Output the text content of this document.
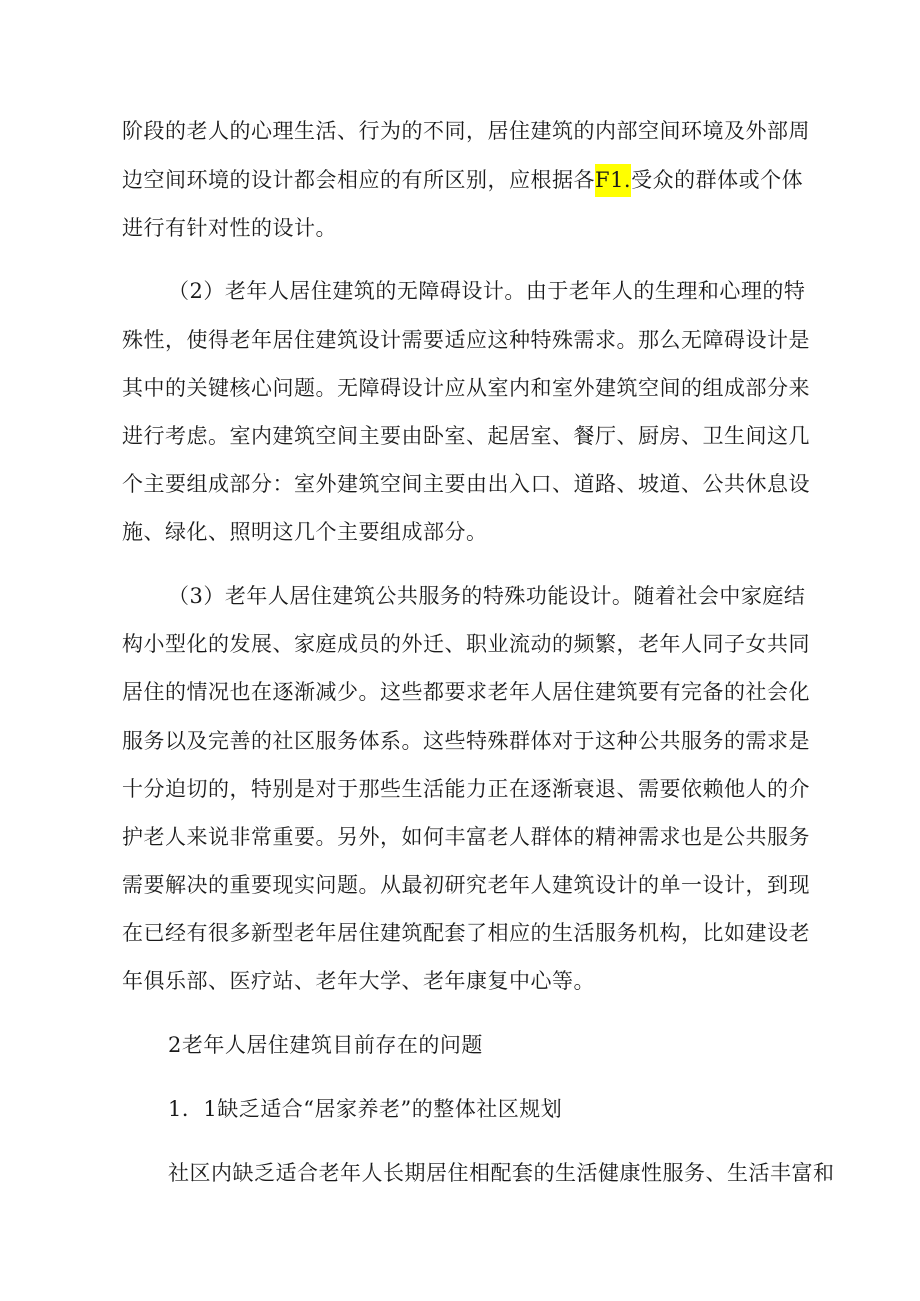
阶段的老人的心理生活、行为的不同，居住建筑的内部空间环境及外部周

边空间环境的设计都会相应的有所区别，应根据各F1.受众的群体或个体

进行有针对性的设计。

（2）老年人居住建筑的无障碍设计。由于老年人的生理和心理的特

殊性，使得老年居住建筑设计需要适应这种特殊需求。那么无障碍设计是

其中的关键核心问题。无障碍设计应从室内和室外建筑空间的组成部分来

进行考虑。室内建筑空间主要由卧室、起居室、餐厅、厨房、卫生间这几

个主要组成部分：室外建筑空间主要由出入口、道路、坡道、公共休息设

施、绿化、照明这几个主要组成部分。

（3）老年人居住建筑公共服务的特殊功能设计。随着社会中家庭结

构小型化的发展、家庭成员的外迁、职业流动的频繁，老年人同子女共同

居住的情况也在逐渐减少。这些都要求老年人居住建筑要有完备的社会化

服务以及完善的社区服务体系。这些特殊群体对于这种公共服务的需求是

十分迫切的，特别是对于那些生活能力正在逐渐衰退、需要依赖他人的介

护老人来说非常重要。另外，如何丰富老人群体的精神需求也是公共服务

需要解决的重要现实问题。从最初研究老年人建筑设计的单一设计，到现

在已经有很多新型老年居住建筑配套了相应的生活服务机构，比如建设老

年俱乐部、医疗站、老年大学、老年康复中心等。

2老年人居住建筑目前存在的问题

1．1缺乏适合“居家养老”的整体社区规划

社区内缺乏适合老年人长期居住相配套的生活健康性服务、生活丰富和
